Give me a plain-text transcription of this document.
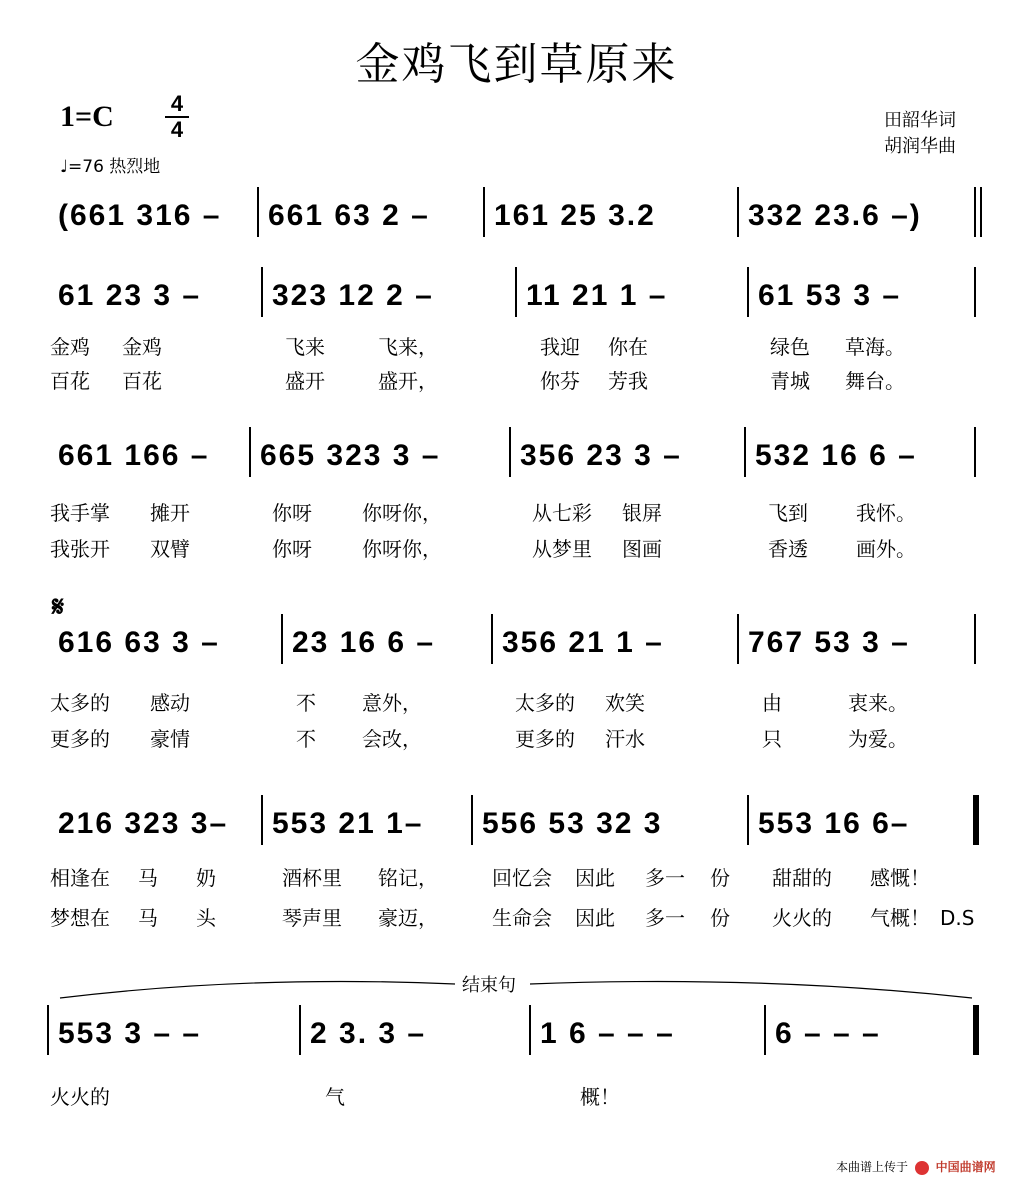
金鸡飞到草原来
1=C	4
4
♩=76 热烈地
田韶华词
胡润华曲
(661 316 – 661 63 2 – 161 25 3.2	332 23.6 –)
61 23 3 – 323 12 2 –	11 21 1 –	61 53 3 –
金鸡 金鸡	飞来	飞来，	我迎 你在	绿色 草海。
百花 百花	盛开	盛开，	你芬 芳我	青城 舞台。
661 166 – 665 323 3 –	356 23 3 – 532 16 6 –
我手掌 摊开	你呀	你呀你，	从七彩 银屏	飞到 我怀。
我张开 双臂	你呀	你呀你，	从梦里 图画	香透 画外。
616 63 3 – 23 16 6 – 356 21 1 –	767 53 3 –
𝄋
太多的 感动	不 意外，	太多的 欢笑	由	衷来。
更多的 豪情	不 会改，	更多的 汗水	只	为爱。
216 323 3– 553 21 1– 556 53 32 3	553 16 6–
相逢在 马 奶	酒杯里 铭记，	回忆会 因此 多一 份 甜甜的 感慨！
梦想在 马 头	琴声里 豪迈，	生命会 因此 多一 份 火火的 气概！ D.S
553 3 – –	2 3. 3 –	1 6 – – –	6 – – –
结束句
火火的	气	概！
本曲谱上传于 中国曲谱网
